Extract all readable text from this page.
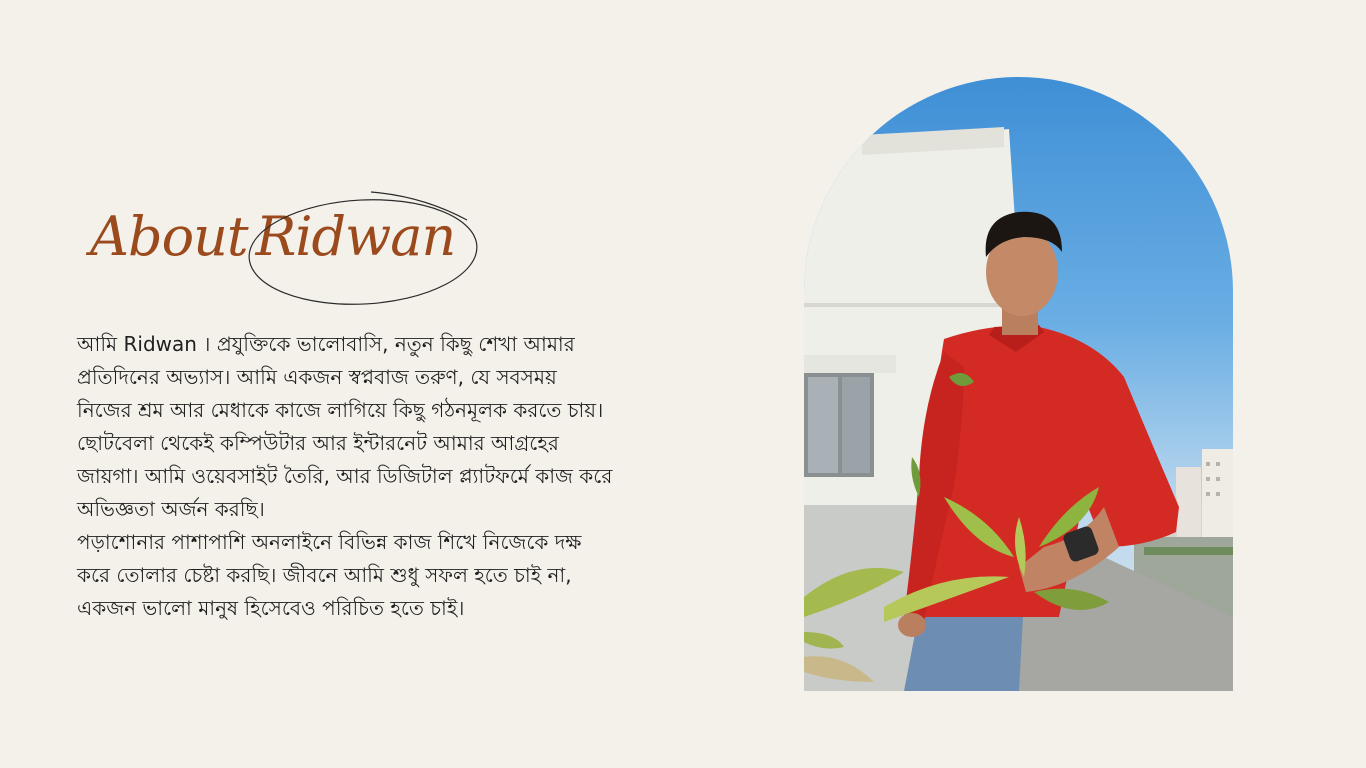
About Ridwan

আমি Ridwan । প্রযুক্তিকে ভালোবাসি, নতুন কিছু শেখা আমার

প্রতিদিনের অভ্যাস। আমি একজন স্বপ্নবাজ তরুণ, যে সবসময়

নিজের শ্রম আর মেধাকে কাজে লাগিয়ে কিছু গঠনমূলক করতে চায়।

ছোটবেলা থেকেই কম্পিউটার আর ইন্টারনেট আমার আগ্রহের

জায়গা। আমি ওয়েবসাইট তৈরি, আর ডিজিটাল প্ল্যাটফর্মে কাজ করে

অভিজ্ঞতা অর্জন করছি।

পড়াশোনার পাশাপাশি অনলাইনে বিভিন্ন কাজ শিখে নিজেকে দক্ষ

করে তোলার চেষ্টা করছি। জীবনে আমি শুধু সফল হতে চাই না,

একজন ভালো মানুষ হিসেবেও পরিচিত হতে চাই।
